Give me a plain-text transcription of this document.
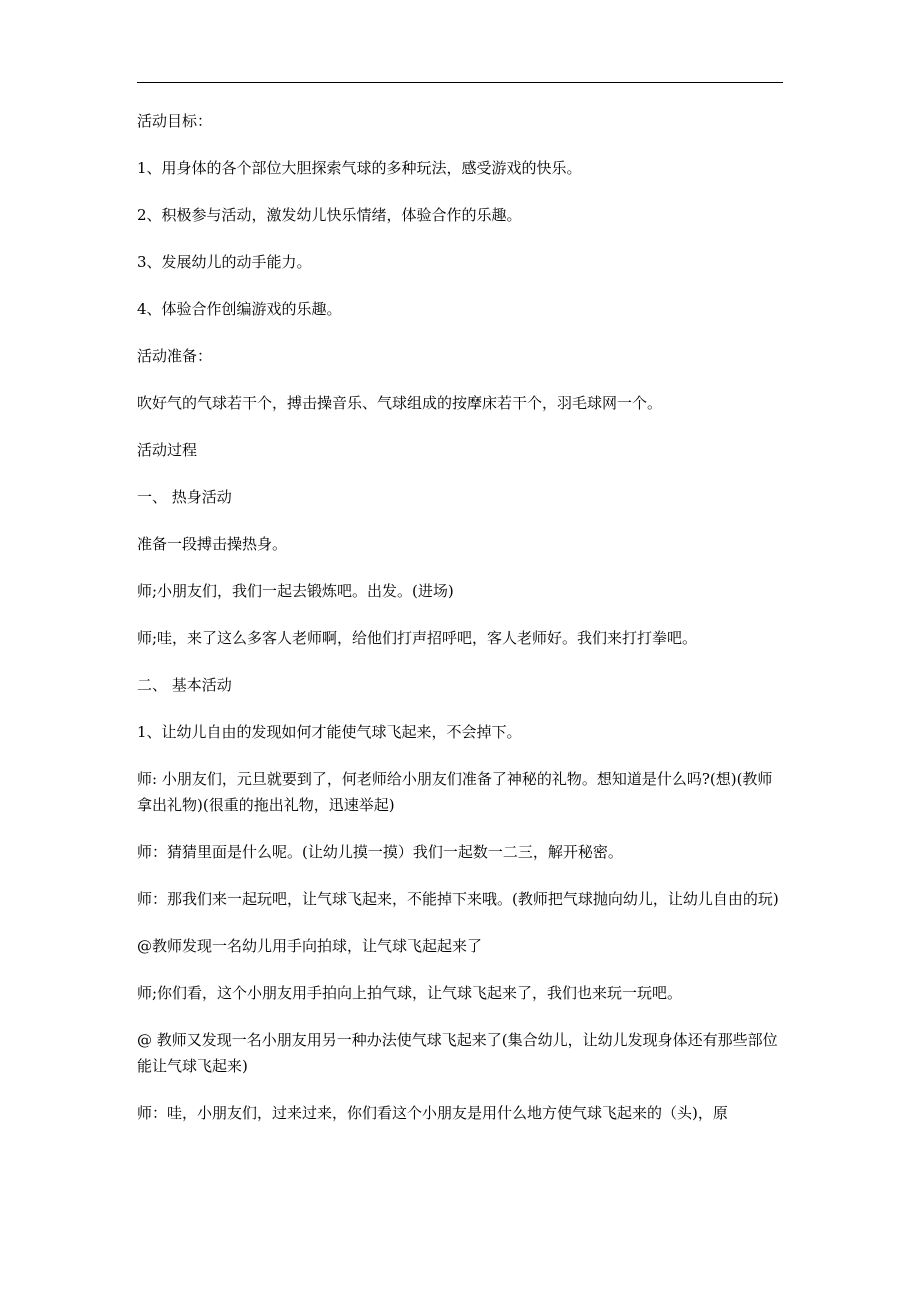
活动目标：

1、用身体的各个部位大胆探索气球的多种玩法，感受游戏的快乐。

2、积极参与活动，激发幼儿快乐情绪，体验合作的乐趣。

3、发展幼儿的动手能力。

4、体验合作创编游戏的乐趣。

活动准备：

吹好气的气球若干个，搏击操音乐、气球组成的按摩床若干个，羽毛球网一个。

活动过程

一、 热身活动

准备一段搏击操热身。

师;小朋友们，我们一起去锻炼吧。出发。(进场)

师;哇，来了这么多客人老师啊，给他们打声招呼吧，客人老师好。我们来打打拳吧。

二、 基本活动

1、让幼儿自由的发现如何才能使气球飞起来，不会掉下。

师: 小朋友们，元旦就要到了，何老师给小朋友们准备了神秘的礼物。想知道是什么吗?(想)(教师拿出礼物)(很重的拖出礼物，迅速举起)

师：猜猜里面是什么呢。(让幼儿摸一摸）我们一起数一二三，解开秘密。

师：那我们来一起玩吧，让气球飞起来，不能掉下来哦。(教师把气球抛向幼儿，让幼儿自由的玩)

@教师发现一名幼儿用手向拍球，让气球飞起起来了

师;你们看，这个小朋友用手拍向上拍气球，让气球飞起来了，我们也来玩一玩吧。

@ 教师又发现一名小朋友用另一种办法使气球飞起来了(集合幼儿，让幼儿发现身体还有那些部位能让气球飞起来)

师：哇，小朋友们，过来过来，你们看这个小朋友是用什么地方使气球飞起来的（头)，原
